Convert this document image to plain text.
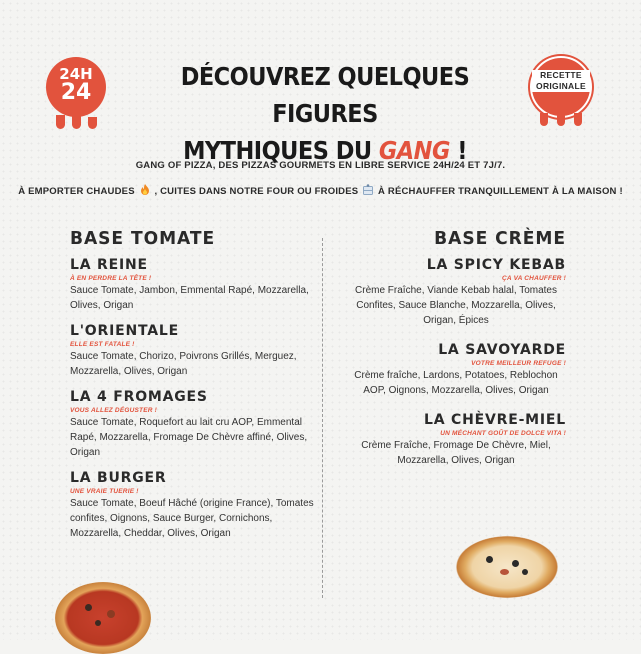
24H
24
RECETTE ORIGINALE
DÉCOUVREZ QUELQUES FIGURES
MYTHIQUES DU GANG !
GANG OF PIZZA, DES PIZZAS GOURMETS EN LIBRE SERVICE 24H/24 ET 7J/7.
À EMPORTER CHAUDES , CUITES DANS NOTRE FOUR OU FROIDES  À RÉCHAUFFER TRANQUILLEMENT À LA MAISON !
BASE TOMATE
LA REINE
À EN PERDRE LA TÊTE !
Sauce Tomate, Jambon, Emmental Rapé, Mozzarella, Olives, Origan
L'ORIENTALE
ELLE EST FATALE !
Sauce Tomate, Chorizo, Poivrons Grillés, Merguez, Mozzarella, Olives, Origan
LA 4 FROMAGES
VOUS ALLEZ DÉGUSTER !
Sauce Tomate, Roquefort au lait cru AOP, Emmental Rapé, Mozzarella, Fromage De Chèvre affiné, Olives, Origan
LA BURGER
UNE VRAIE TUERIE !
Sauce Tomate, Boeuf Hâché (origine France), Tomates confites, Oignons, Sauce Burger, Cornichons, Mozzarella, Cheddar, Olives, Origan
BASE CRÈME
LA SPICY KEBAB
ÇA VA CHAUFFER !
Crème Fraîche, Viande Kebab halal, Tomates Confites, Sauce Blanche, Mozzarella, Olives, Origan, Épices
LA SAVOYARDE
VOTRE MEILLEUR REFUGE !
Crème fraîche, Lardons, Potatoes, Reblochon AOP, Oignons, Mozzarella, Olives, Origan
LA CHÈVRE-MIEL
UN MÉCHANT GOÛT DE DOLCE VITA !
Crème Fraîche, Fromage De Chèvre, Miel, Mozzarella, Olives, Origan
